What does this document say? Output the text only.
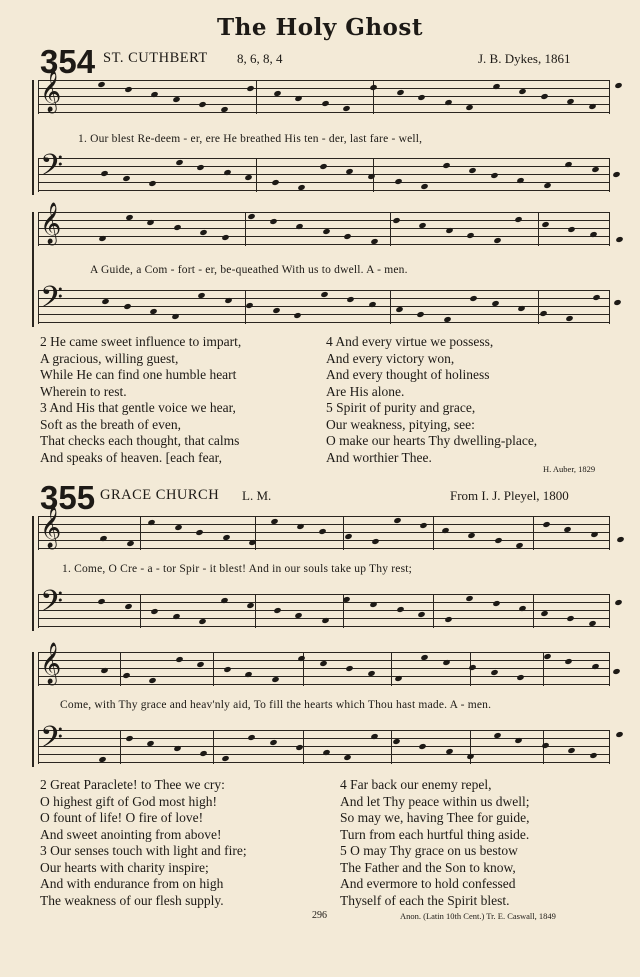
The Holy Ghost
354 ST. CUTHBERT 8, 6, 8, 4	J. B. Dykes, 1861
𝄞
𝄢
1. Our blest Re-deem - er, ere He breathed His ten - der, last fare - well,
𝄞
𝄢
A Guide, a Com - fort - er, be-queathed With us to dwell. A - men.
2 He came sweet influence to impart,
A gracious, willing guest,
While He can find one humble heart
Wherein to rest.
3 And His that gentle voice we hear,
Soft as the breath of even,
That checks each thought, that calms
And speaks of heaven. [each fear,
4 And every virtue we possess,
And every victory won,
And every thought of holiness
Are His alone.
5 Spirit of purity and grace,
Our weakness, pitying, see:
O make our hearts Thy dwelling-place,
And worthier Thee.
H. Auber, 1829
355 GRACE CHURCH L. M.	From I. J. Pleyel, 1800
𝄞
𝄢
1. Come, O Cre - a - tor Spir - it blest! And in our souls take up Thy rest;
𝄞
𝄢
Come, with Thy grace and heav'nly aid, To fill the hearts which Thou hast made. A - men.
2 Great Paraclete! to Thee we cry:
O highest gift of God most high!
O fount of life! O fire of love!
And sweet anointing from above!
3 Our senses touch with light and fire;
Our hearts with charity inspire;
And with endurance from on high
The weakness of our flesh supply.
4 Far back our enemy repel,
And let Thy peace within us dwell;
So may we, having Thee for guide,
Turn from each hurtful thing aside.
5 O may Thy grace on us bestow
The Father and the Son to know,
And evermore to hold confessed
Thyself of each the Spirit blest.
296	Anon. (Latin 10th Cent.) Tr. E. Caswall, 1849
